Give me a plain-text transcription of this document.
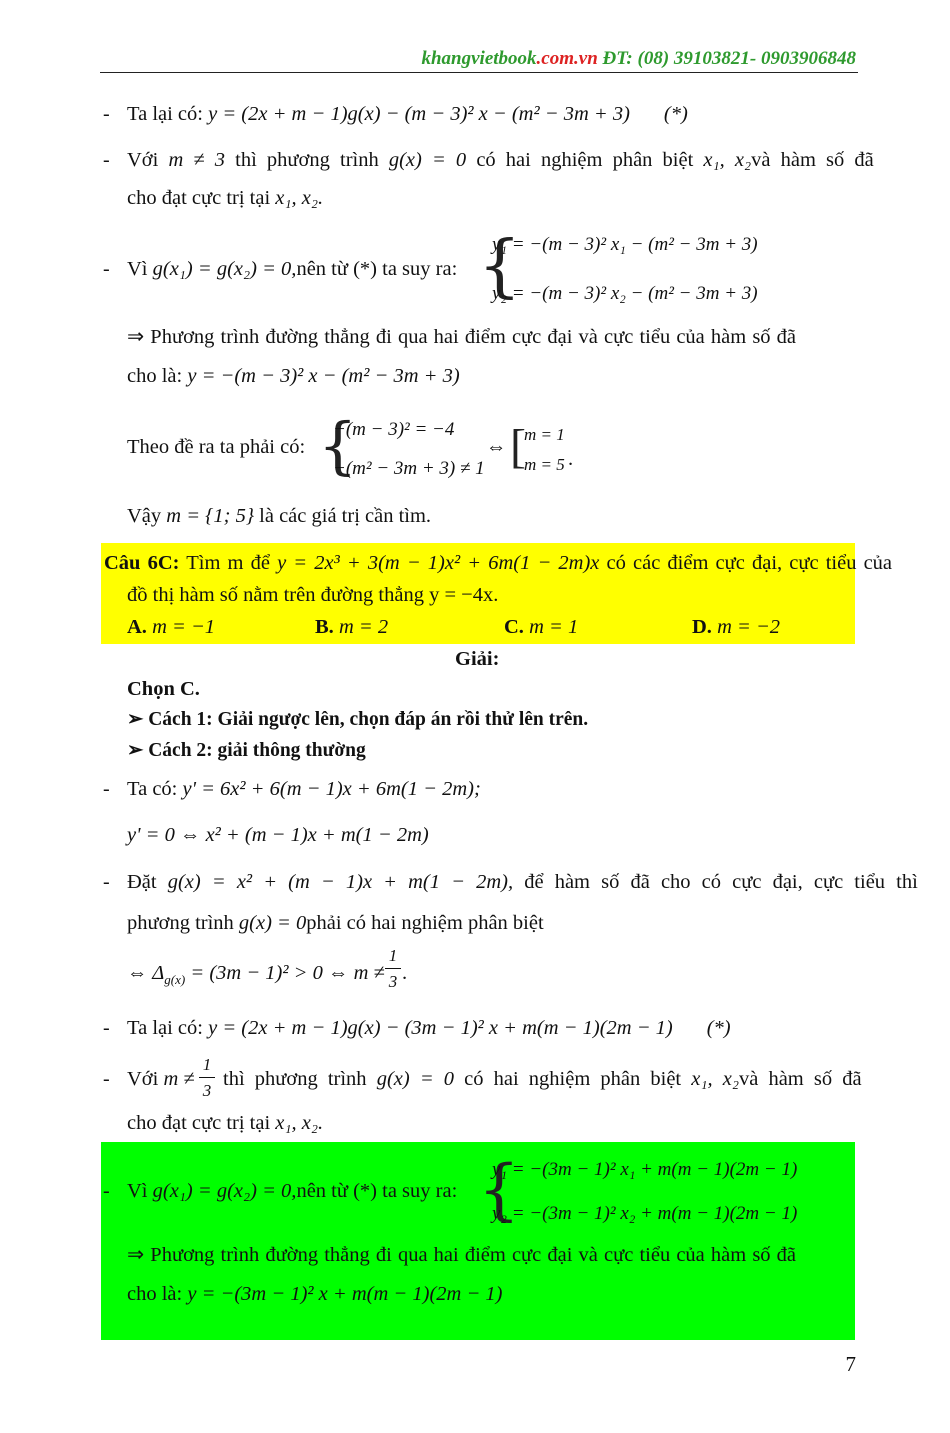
khangvietbook.com.vn ĐT: (08) 39103821- 0903906848
- Ta lại có: y = (2x + m − 1)g(x) − (m − 3)² x − (m² − 3m + 3) (*)
- Với m ≠ 3 thì phương trình g(x) = 0 có hai nghiệm phân biệt x₁, x₂và hàm số đã
cho đạt cực trị tại x₁, x₂.
- Vì g(x₁) = g(x₂) = 0,nên từ (*) ta suy ra: {
y₁ = −(m − 3)² x₁ − (m² − 3m + 3)
y₂ = −(m − 3)² x₂ − (m² − 3m + 3)
⇒ Phương trình đường thẳng đi qua hai điểm cực đại và cực tiểu của hàm số đã
cho là: y = −(m − 3)² x − (m² − 3m + 3)
Theo đề ra ta phải có: {
−(m − 3)² = −4
−(m² − 3m + 3) ≠ 1
⇔ [
m = 1
m = 5 .
Vậy m = {1; 5} là các giá trị cần tìm.
Câu 6C: Tìm m để y = 2x³ + 3(m − 1)x² + 6m(1 − 2m)x có các điểm cực đại, cực tiểu của
đồ thị hàm số nằm trên đường thẳng y = −4x.
A. m = −1	B. m = 2	C. m = 1	D. m = −2
Giải:
Chọn C.
➢ Cách 1: Giải ngược lên, chọn đáp án rồi thử lên trên.
➢ Cách 2: giải thông thường
- Ta có: y' = 6x² + 6(m − 1)x + 6m(1 − 2m);
y' = 0 ⇔ x² + (m − 1)x + m(1 − 2m)
- Đặt g(x) = x² + (m − 1)x + m(1 − 2m), để hàm số đã cho có cực đại, cực tiểu thì
phương trình g(x) = 0phải có hai nghiệm phân biệt
⇔ $\Delta_{g(x)} = (3m - 1)^2 > 0$ ⇔ m ≠
1
3 .
- Ta lại có: y = (2x + m − 1)g(x) − (3m − 1)² x + m(m − 1)(2m − 1) (*)
- Với m ≠
1
3
thì phương trình g(x) = 0 có hai nghiệm phân biệt x₁, x₂và hàm số đã
cho đạt cực trị tại x₁, x₂.
- Vì g(x₁) = g(x₂) = 0,nên từ (*) ta suy ra: {
y₁ = −(3m − 1)² x₁ + m(m − 1)(2m − 1)
y₂ = −(3m − 1)² x₂ + m(m − 1)(2m − 1)
⇒ Phương trình đường thẳng đi qua hai điểm cực đại và cực tiểu của hàm số đã
cho là: y = −(3m − 1)² x + m(m − 1)(2m − 1)
7
